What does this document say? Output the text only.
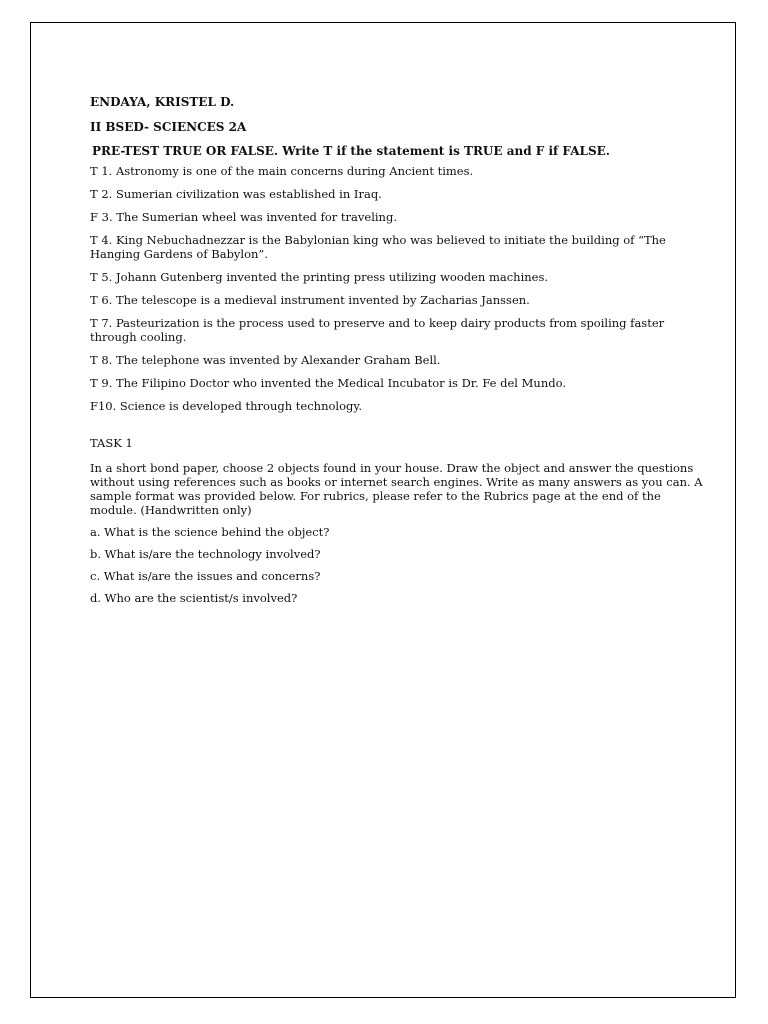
ENDAYA, KRISTEL D.
II BSED- SCIENCES 2A
PRE-TEST TRUE OR FALSE. Write T if the statement is TRUE and F if FALSE.
T 1. Astronomy is one of the main concerns during Ancient times.
T 2. Sumerian civilization was established in Iraq.
F 3. The Sumerian wheel was invented for traveling.
T 4. King Nebuchadnezzar is the Babylonian king who was believed to initiate the building of “The Hanging Gardens of Babylon”.
T 5. Johann Gutenberg invented the printing press utilizing wooden machines.
T 6. The telescope is a medieval instrument invented by Zacharias Janssen.
T 7. Pasteurization is the process used to preserve and to keep dairy products from spoiling faster through cooling.
T 8. The telephone was invented by Alexander Graham Bell.
T 9. The Filipino Doctor who invented the Medical Incubator is Dr. Fe del Mundo.
F10. Science is developed through technology.
TASK 1
In a short bond paper, choose 2 objects found in your house. Draw the object and answer the questions without using references such as books or internet search engines. Write as many answers as you can. A sample format was provided below. For rubrics, please refer to the Rubrics page at the end of the module. (Handwritten only)
a. What is the science behind the object?
b. What is/are the technology involved?
c. What is/are the issues and concerns?
d. Who are the scientist/s involved?
